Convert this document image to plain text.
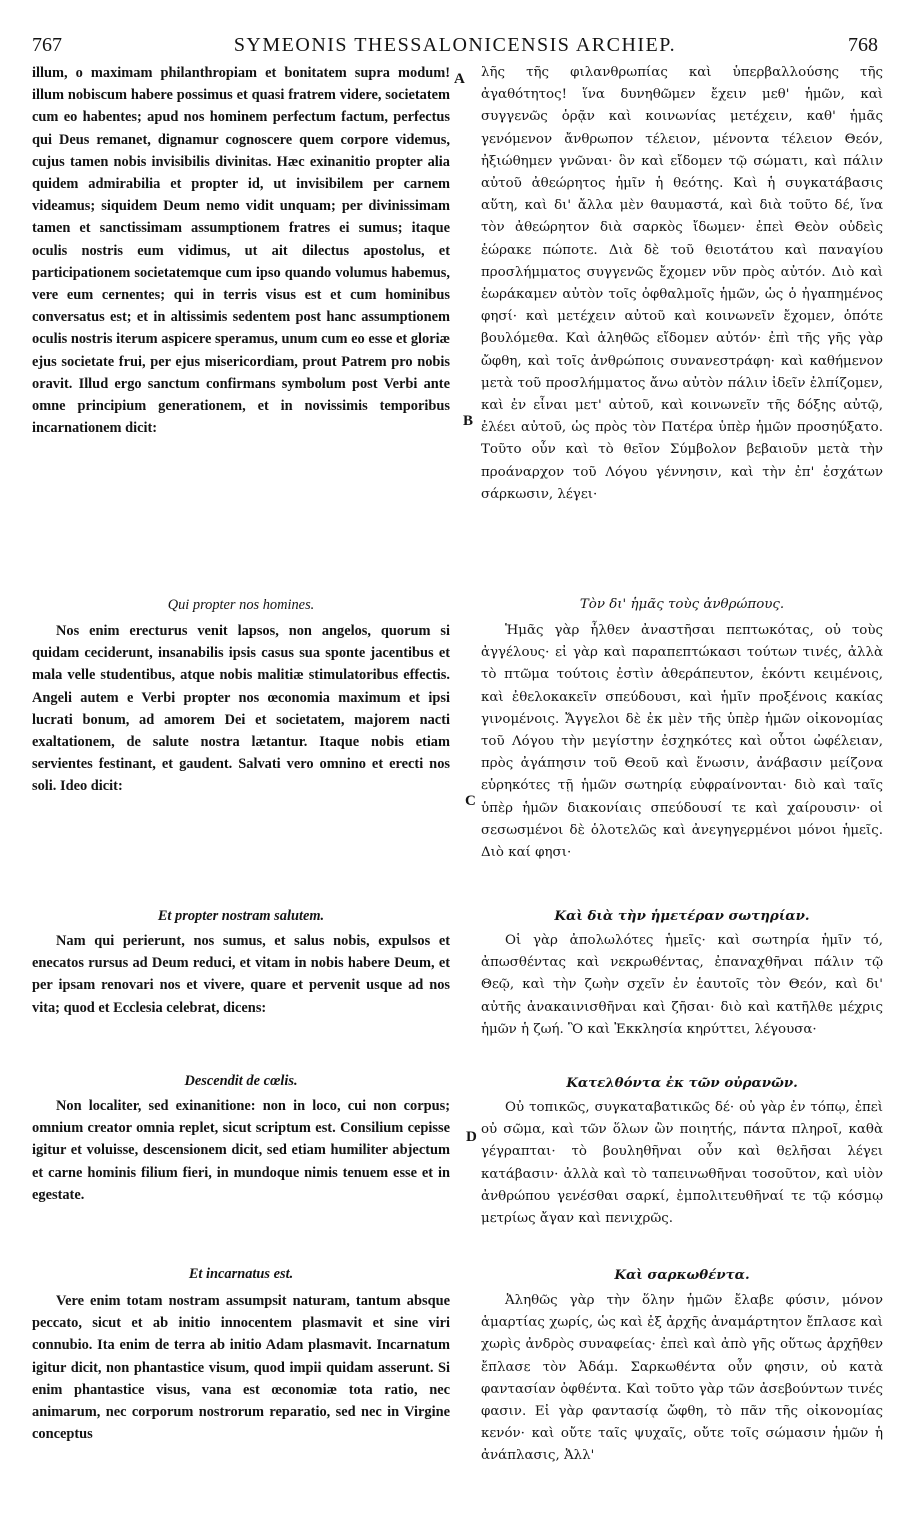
767	SYMEONIS THESSALONICENSIS ARCHIEP.	768
A
B
C
D

illum, o maximam philanthropiam et bonitatem supra modum! illum nobiscum habere possimus et quasi fratrem videre, societatem cum eo habentes; apud nos hominem perfectum factum, perfectus qui Deus remanet, dignamur cognoscere quem corpore videmus, cujus tamen nobis invisibilis divinitas. Hæc exinanitio propter alia quidem admirabilia et propter id, ut invisibilem per carnem videamus; siquidem Deum nemo vidit unquam; per divinissimam tamen et sanctissimam assumptionem fratres ei sumus; itaque oculis nostris eum vidimus, ut ait dilectus apostolus, et participationem societatemque cum ipso quando volumus habemus, vere eum cernentes; qui in terris visus est et cum hominibus conversatus est; et in altissimis sedentem post hanc assumptionem oculis nostris iterum aspicere speramus, unum cum eo esse et gloriæ ejus societate frui, per ejus misericordiam, prout Patrem pro nobis oravit. Illud ergo sanctum confirmans symbolum post Verbi ante omne principium generationem, et in novissimis temporibus incarnationem dicit:

Qui propter nos homines.

Nos enim erecturus venit lapsos, non angelos, quorum si quidam ceciderunt, insanabilis ipsis casus sua sponte jacentibus et mala velle studentibus, atque nobis malitiæ stimulatoribus effectis. Angeli autem e Verbi propter nos œconomia maximum et ipsi lucrati bonum, ad amorem Dei et societatem, majorem nacti exaltationem, de salute nostra lætantur. Itaque nobis etiam servientes festinant, et gaudent. Salvati vero omnino et erecti nos soli. Ideo dicit:

Et propter nostram salutem.

Nam qui perierunt, nos sumus, et salus nobis, expulsos et enecatos rursus ad Deum reduci, et vitam in nobis habere Deum, et per ipsam renovari nos et vivere, quare et pervenit usque ad nos vita; quod et Ecclesia celebrat, dicens:

Descendit de cœlis.

Non localiter, sed exinanitione: non in loco, cui non corpus; omnium creator omnia replet, sicut scriptum est. Consilium cepisse igitur et voluisse, descensionem dicit, sed etiam humiliter abjectum et carne hominis filium fieri, in mundoque nimis tenuem esse et in egestate.

Et incarnatus est.

Vere enim totam nostram assumpsit naturam, tantum absque peccato, sicut et ab initio innocentem plasmavit et sine viri connubio. Ita enim de terra ab initio Adam plasmavit. Incarnatum igitur dicit, non phantastice visum, quod impii quidam asserunt. Si enim phantastice visus, vana est œconomiæ tota ratio, nec animarum, nec corporum nostrorum reparatio, sed nec in Virgine conceptus

λῆς τῆς φιλανθρωπίας καὶ ὑπερβαλλούσης τῆς ἀγαθότητος! ἵνα δυνηθῶμεν ἔχειν μεθ' ἡμῶν, καὶ συγγενῶς ὁρᾷν καὶ κοινωνίας μετέχειν, καθ' ἡμᾶς γενόμενον ἄνθρωπον τέλειον, μένοντα τέλειον Θεόν, ἠξιώθημεν γνῶναι· ὃν καὶ εἴδομεν τῷ σώματι, καὶ πάλιν αὐτοῦ ἀθεώρητος ἡμῖν ἡ θεότης. Καὶ ἡ συγκατάβασις αὕτη, καὶ δι' ἄλλα μὲν θαυμαστά, καὶ διὰ τοῦτο δέ, ἵνα τὸν ἀθεώρητον διὰ σαρκὸς ἴδωμεν· ἐπεὶ Θεὸν οὐδεὶς ἑώρακε πώποτε. Διὰ δὲ τοῦ θειοτάτου καὶ παναγίου προσλήμματος συγγενῶς ἔχομεν νῦν πρὸς αὐτόν. Διὸ καὶ ἑωράκαμεν αὐτὸν τοῖς ὀφθαλμοῖς ἡμῶν, ὡς ὁ ἠγαπημένος φησί· καὶ μετέχειν αὐτοῦ καὶ κοινωνεῖν ἔχομεν, ὁπότε βουλόμεθα. Καὶ ἀληθῶς εἴδομεν αὐτόν· ἐπὶ τῆς γῆς γὰρ ὤφθη, καὶ τοῖς ἀνθρώποις συνανεστράφη· καὶ καθήμενον μετὰ τοῦ προσλήμματος ἄνω αὐτὸν πάλιν ἰδεῖν ἐλπίζομεν, καὶ ἐν εἶναι μετ' αὐτοῦ, καὶ κοινωνεῖν τῆς δόξης αὐτῷ, ἐλέει αὐτοῦ, ὡς πρὸς τὸν Πατέρα ὑπὲρ ἡμῶν προσηύξατο. Τοῦτο οὖν καὶ τὸ θεῖον Σύμβολον βεβαιοῦν μετὰ τὴν προάναρχον τοῦ Λόγου γέννησιν, καὶ τὴν ἐπ' ἐσχάτων σάρκωσιν, λέγει·

Τὸν δι' ἡμᾶς τοὺς ἀνθρώπους.

Ἡμᾶς γὰρ ἦλθεν ἀναστῆσαι πεπτωκότας, οὐ τοὺς ἀγγέλους· εἰ γὰρ καὶ παραπεπτώκασι τούτων τινές, ἀλλὰ τὸ πτῶμα τούτοις ἐστὶν ἀθεράπευτον, ἑκόντι κειμένοις, καὶ ἐθελοκακεῖν σπεύδουσι, καὶ ἡμῖν προξένοις κακίας γινομένοις. Ἄγγελοι δὲ ἐκ μὲν τῆς ὑπὲρ ἡμῶν οἰκονομίας τοῦ Λόγου τὴν μεγίστην ἐσχηκότες καὶ οὗτοι ὠφέλειαν, πρὸς ἀγάπησιν τοῦ Θεοῦ καὶ ἕνωσιν, ἀνάβασιν μείζονα εὑρηκότες τῇ ἡμῶν σωτηρίᾳ εὐφραίνονται· διὸ καὶ ταῖς ὑπὲρ ἡμῶν διακονίαις σπεύδουσί τε καὶ χαίρουσιν· οἱ σεσωσμένοι δὲ ὁλοτελῶς καὶ ἀνεγηγερμένοι μόνοι ἡμεῖς. Διὸ καί φησι·

Καὶ διὰ τὴν ἡμετέραν σωτηρίαν.

Οἱ γὰρ ἀπολωλότες ἡμεῖς· καὶ σωτηρία ἡμῖν τό, ἀπωσθέντας καὶ νεκρωθέντας, ἐπαναχθῆναι πάλιν τῷ Θεῷ, καὶ τὴν ζωὴν σχεῖν ἐν ἑαυτοῖς τὸν Θεόν, καὶ δι' αὐτῆς ἀνακαινισθῆναι καὶ ζῆσαι· διὸ καὶ κατῆλθε μέχρις ἡμῶν ἡ ζωή. Ὃ καὶ Ἐκκλησία κηρύττει, λέγουσα·

Κατελθόντα ἐκ τῶν οὐρανῶν.

Οὐ τοπικῶς, συγκαταβατικῶς δέ· οὐ γὰρ ἐν τόπῳ, ἐπεὶ οὐ σῶμα, καὶ τῶν ὅλων ὢν ποιητής, πάντα πληροῖ, καθὰ γέγραπται· τὸ βουληθῆναι οὖν καὶ θελῆσαι λέγει κατάβασιν· ἀλλὰ καὶ τὸ ταπεινωθῆναι τοσοῦτον, καὶ υἱὸν ἀνθρώπου γενέσθαι σαρκί, ἐμπολιτευθῆναί τε τῷ κόσμῳ μετρίως ἄγαν καὶ πενιχρῶς.

Καὶ σαρκωθέντα.

Ἀληθῶς γὰρ τὴν ὅλην ἡμῶν ἔλαβε φύσιν, μόνον ἁμαρτίας χωρίς, ὡς καὶ ἐξ ἀρχῆς ἀναμάρτητον ἔπλασε καὶ χωρὶς ἀνδρὸς συναφείας· ἐπεὶ καὶ ἀπὸ γῆς οὕτως ἀρχῆθεν ἔπλασε τὸν Ἀδάμ. Σαρκωθέντα οὖν φησιν, οὐ κατὰ φαντασίαν ὀφθέντα. Καὶ τοῦτο γὰρ τῶν ἀσεβούντων τινές φασιν. Εἰ γὰρ φαντασίᾳ ὤφθη, τὸ πᾶν τῆς οἰκονομίας κενόν· καὶ οὔτε ταῖς ψυχαῖς, οὔτε τοῖς σώμασιν ἡμῶν ἡ ἀνάπλασις, Ἀλλ'
